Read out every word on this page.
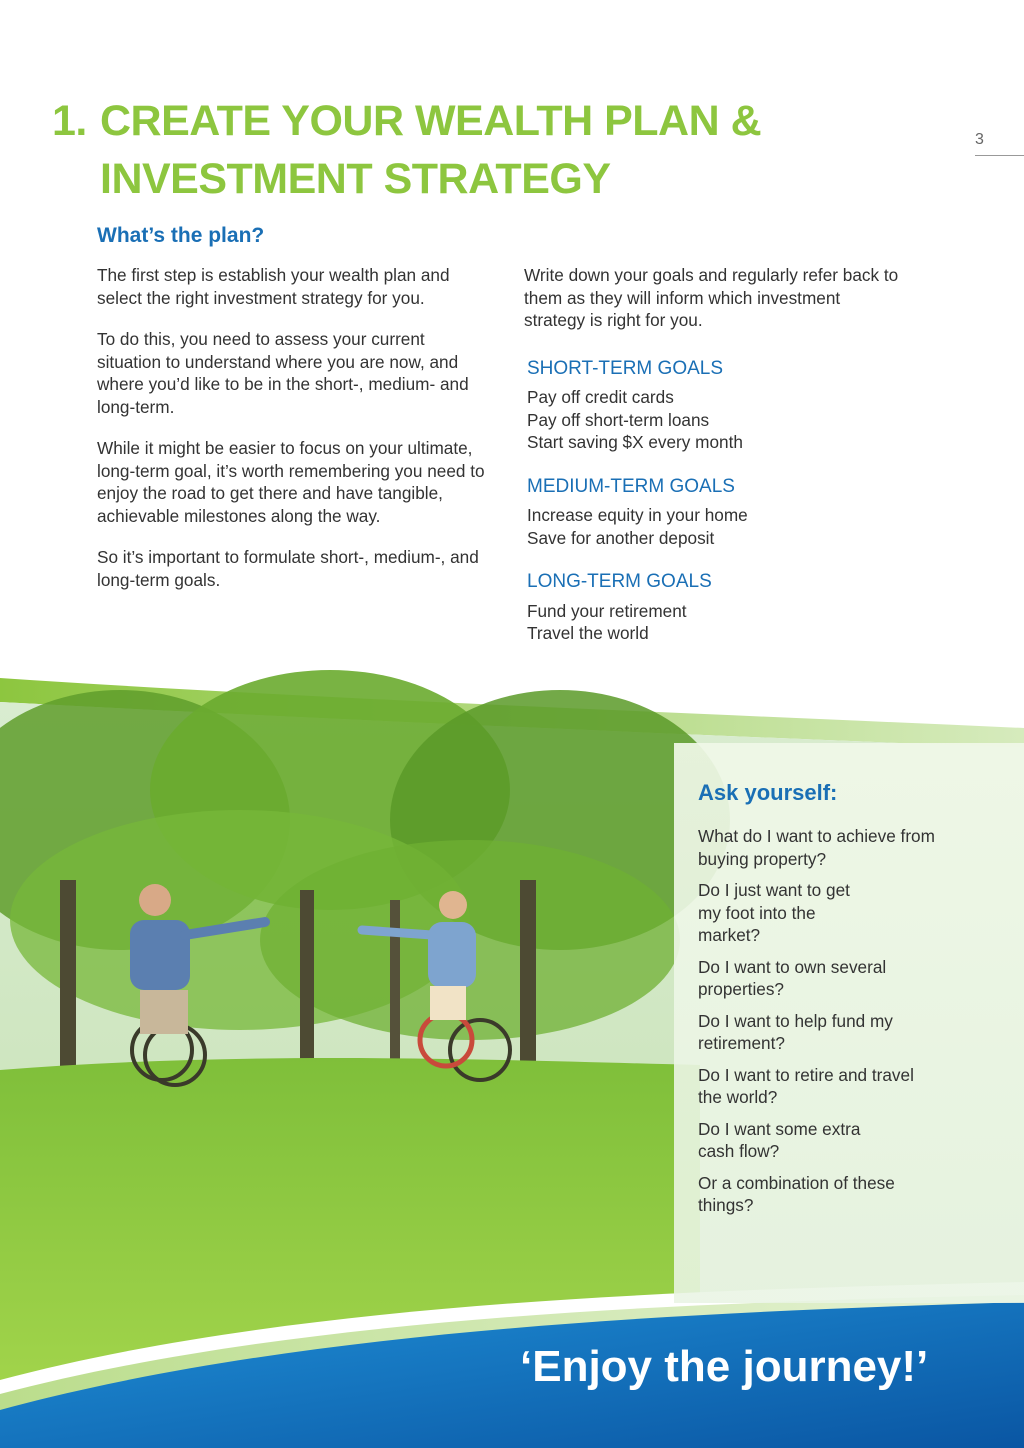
1. CREATE YOUR WEALTH PLAN &
INVESTMENT STRATEGY
3
What’s the plan?

The first step is establish your wealth plan and select the right investment strategy for you.

To do this, you need to assess your current situation to understand where you are now, and where you’d like to be in the short-, medium- and long-term.

While it might be easier to focus on your ultimate, long-term goal, it’s worth remembering you need to enjoy the road to get there and have tangible, achievable milestones along the way.

So it’s important to formulate short-, medium-, and long-term goals.

Write down your goals and regularly refer back to them as they will inform which investment strategy is right for you.

SHORT-TERM GOALS
Pay off credit cards
Pay off short-term loans
Start saving $X every month
MEDIUM-TERM GOALS
Increase equity in your home
Save for another deposit
LONG-TERM GOALS
Fund your retirement
Travel the world
Ask yourself:
What do I want to achieve from buying property?
Do I just want to get my foot into the market?
Do I want to own several properties?
Do I want to help fund my retirement?
Do I want to retire and travel the world?
Do I want some extra cash flow?
Or a combination of these things?
‘Enjoy the journey!’
